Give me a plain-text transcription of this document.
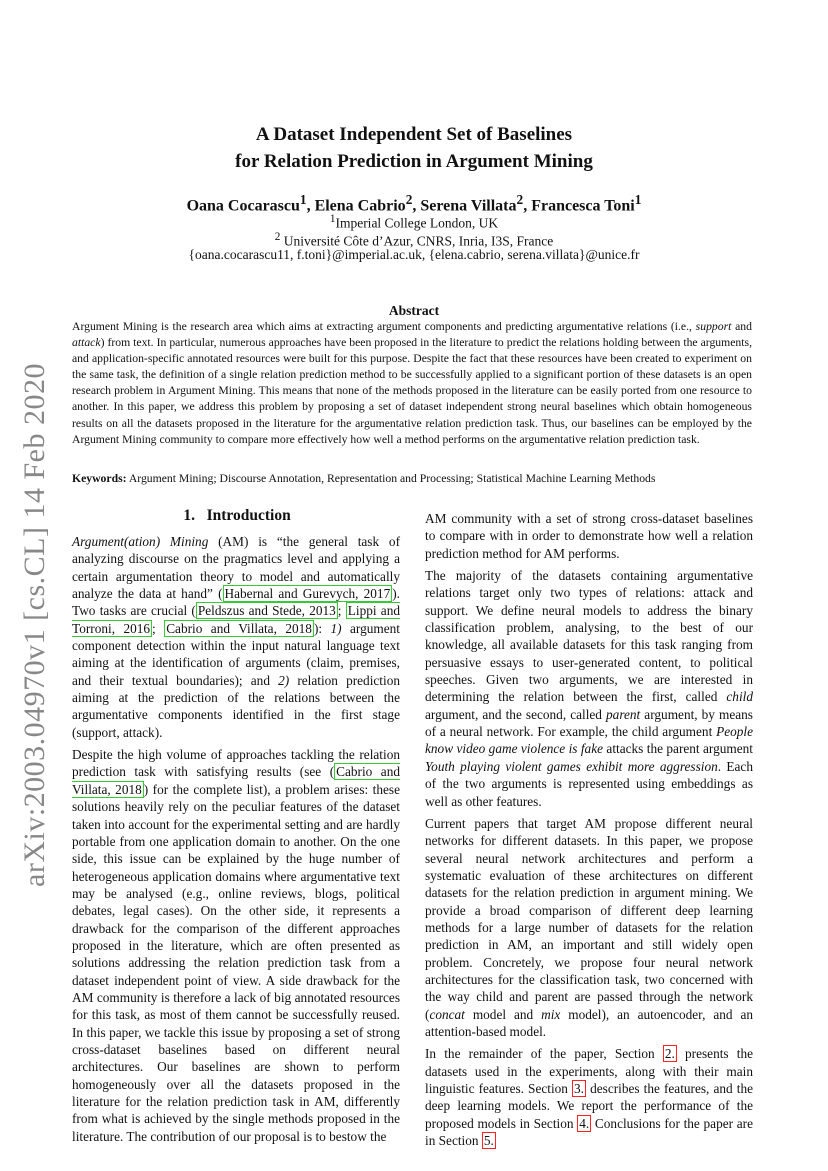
arXiv:2003.04970v1 [cs.CL] 14 Feb 2020
A Dataset Independent Set of Baselines
for Relation Prediction in Argument Mining
Oana Cocarascu$^1$, Elena Cabrio$^2$, Serena Villata$^2$, Francesca Toni$^1$
$^1$Imperial College London, UK
$^2$ Université Côte d’Azur, CNRS, Inria, I3S, France
{oana.cocarascu11, f.toni}@imperial.ac.uk, {elena.cabrio, serena.villata}@unice.fr
Abstract
Argument Mining is the research area which aims at extracting argument components and predicting argumentative relations (i.e., support and attack) from text. In particular, numerous approaches have been proposed in the literature to predict the relations holding between the arguments, and application-specific annotated resources were built for this purpose. Despite the fact that these resources have been created to experiment on the same task, the definition of a single relation prediction method to be successfully applied to a significant portion of these datasets is an open research problem in Argument Mining. This means that none of the methods proposed in the literature can be easily ported from one resource to another. In this paper, we address this problem by proposing a set of dataset independent strong neural baselines which obtain homogeneous results on all the datasets proposed in the literature for the argumentative relation prediction task. Thus, our baselines can be employed by the Argument Mining community to compare more effectively how well a method performs on the argumentative relation prediction task.
Keywords: Argument Mining; Discourse Annotation, Representation and Processing; Statistical Machine Learning Methods
1. Introduction

Argument(ation) Mining (AM) is “the general task of analyzing discourse on the pragmatics level and applying a certain argumentation theory to model and automatically analyze the data at hand” ( Habernal and Gurevych, 2017 ). Two tasks are crucial ( Peldszus and Stede, 2013 ; Lippi and Torroni, 2016 ; Cabrio and Villata, 2018 ): 1) argument component detection within the input natural language text aiming at the identification of arguments (claim, premises, and their textual boundaries); and 2) relation prediction aiming at the prediction of the relations between the argumentative components identified in the first stage (support, attack).

Despite the high volume of approaches tackling the relation prediction task with satisfying results (see ( Cabrio and Villata, 2018 ) for the complete list), a problem arises: these solutions heavily rely on the peculiar features of the dataset taken into account for the experimental setting and are hardly portable from one application domain to another. On the one side, this issue can be explained by the huge number of heterogeneous application domains where argumentative text may be analysed (e.g., online reviews, blogs, political debates, legal cases). On the other side, it represents a drawback for the comparison of the different approaches proposed in the literature, which are often presented as solutions addressing the relation prediction task from a dataset independent point of view. A side drawback for the AM community is therefore a lack of big annotated resources for this task, as most of them cannot be successfully reused. In this paper, we tackle this issue by proposing a set of strong cross-dataset baselines based on different neural architectures. Our baselines are shown to perform homogeneously over all the datasets proposed in the literature for the relation prediction task in AM, differently from what is achieved by the single methods proposed in the literature. The contribution of our proposal is to bestow the

AM community with a set of strong cross-dataset baselines to compare with in order to demonstrate how well a relation prediction method for AM performs.

The majority of the datasets containing argumentative relations target only two types of relations: attack and support. We define neural models to address the binary classification problem, analysing, to the best of our knowledge, all available datasets for this task ranging from persuasive essays to user-generated content, to political speeches. Given two arguments, we are interested in determining the relation between the first, called child argument, and the second, called parent argument, by means of a neural network. For example, the child argument People know video game violence is fake attacks the parent argument Youth playing violent games exhibit more aggression. Each of the two arguments is represented using embeddings as well as other features.

Current papers that target AM propose different neural networks for different datasets. In this paper, we propose several neural network architectures and perform a systematic evaluation of these architectures on different datasets for the relation prediction in argument mining. We provide a broad comparison of different deep learning methods for a large number of datasets for the relation prediction in AM, an important and still widely open problem. Concretely, we propose four neural network architectures for the classification task, two concerned with the way child and parent are passed through the network (concat model and mix model), an autoencoder, and an attention-based model.

In the remainder of the paper, Section 2. presents the datasets used in the experiments, along with their main linguistic features. Section 3. describes the features, and the deep learning models. We report the performance of the proposed models in Section 4. Conclusions for the paper are in Section 5.
